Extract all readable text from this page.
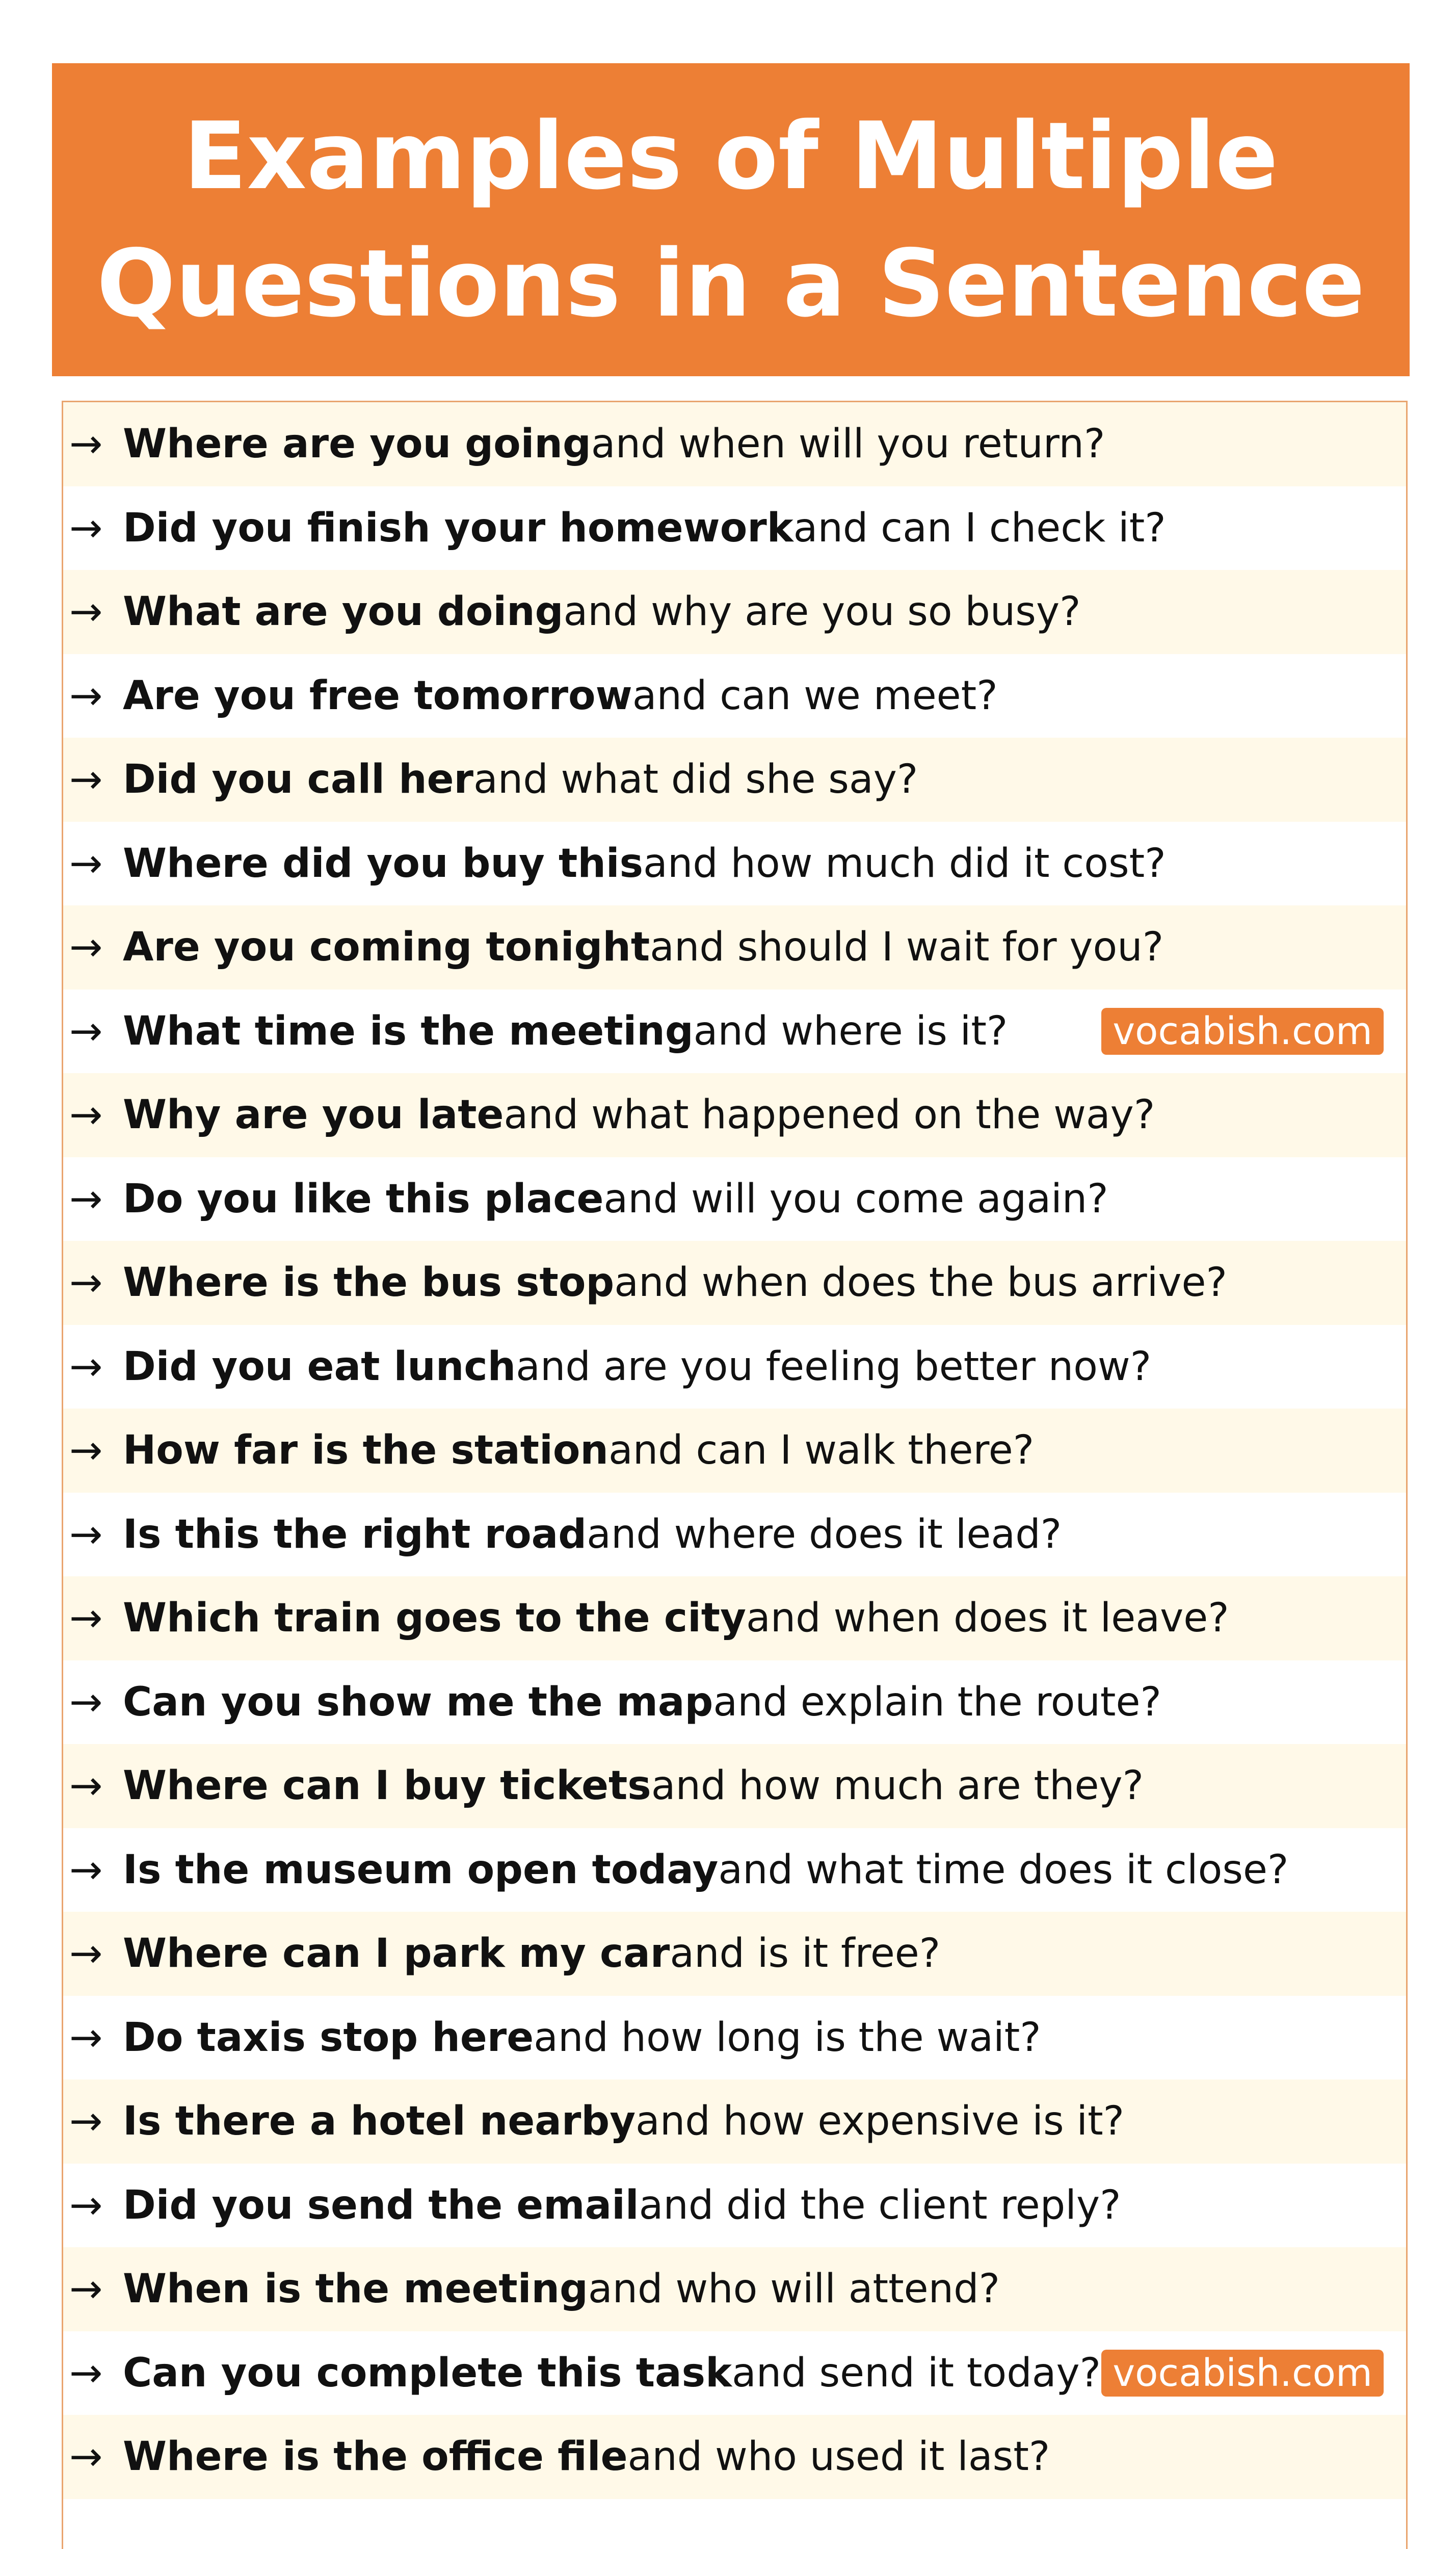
Examples of Multiple
Questions in a Sentence
→ Where are you going and when will you return?
→ Did you finish your homework and can I check it?
→ What are you doing and why are you so busy?
→ Are you free tomorrow and can we meet?
→ Did you call her and what did she say?
→ Where did you buy this and how much did it cost?
→ Are you coming tonight and should I wait for you?
→ What time is the meeting and where is it?	vocabish.com
→ Why are you late and what happened on the way?
→ Do you like this place and will you come again?
→ Where is the bus stop and when does the bus arrive?
→ Did you eat lunch and are you feeling better now?
→ How far is the station and can I walk there?
→ Is this the right road and where does it lead?
→ Which train goes to the city and when does it leave?
→ Can you show me the map and explain the route?
→ Where can I buy tickets and how much are they?
→ Is the museum open today and what time does it close?
→ Where can I park my car and is it free?
→ Do taxis stop here and how long is the wait?
→ Is there a hotel nearby and how expensive is it?
→ Did you send the email and did the client reply?
→ When is the meeting and who will attend?
→ Can you complete this task and send it today? vocabish.com
→ Where is the office file and who used it last?
